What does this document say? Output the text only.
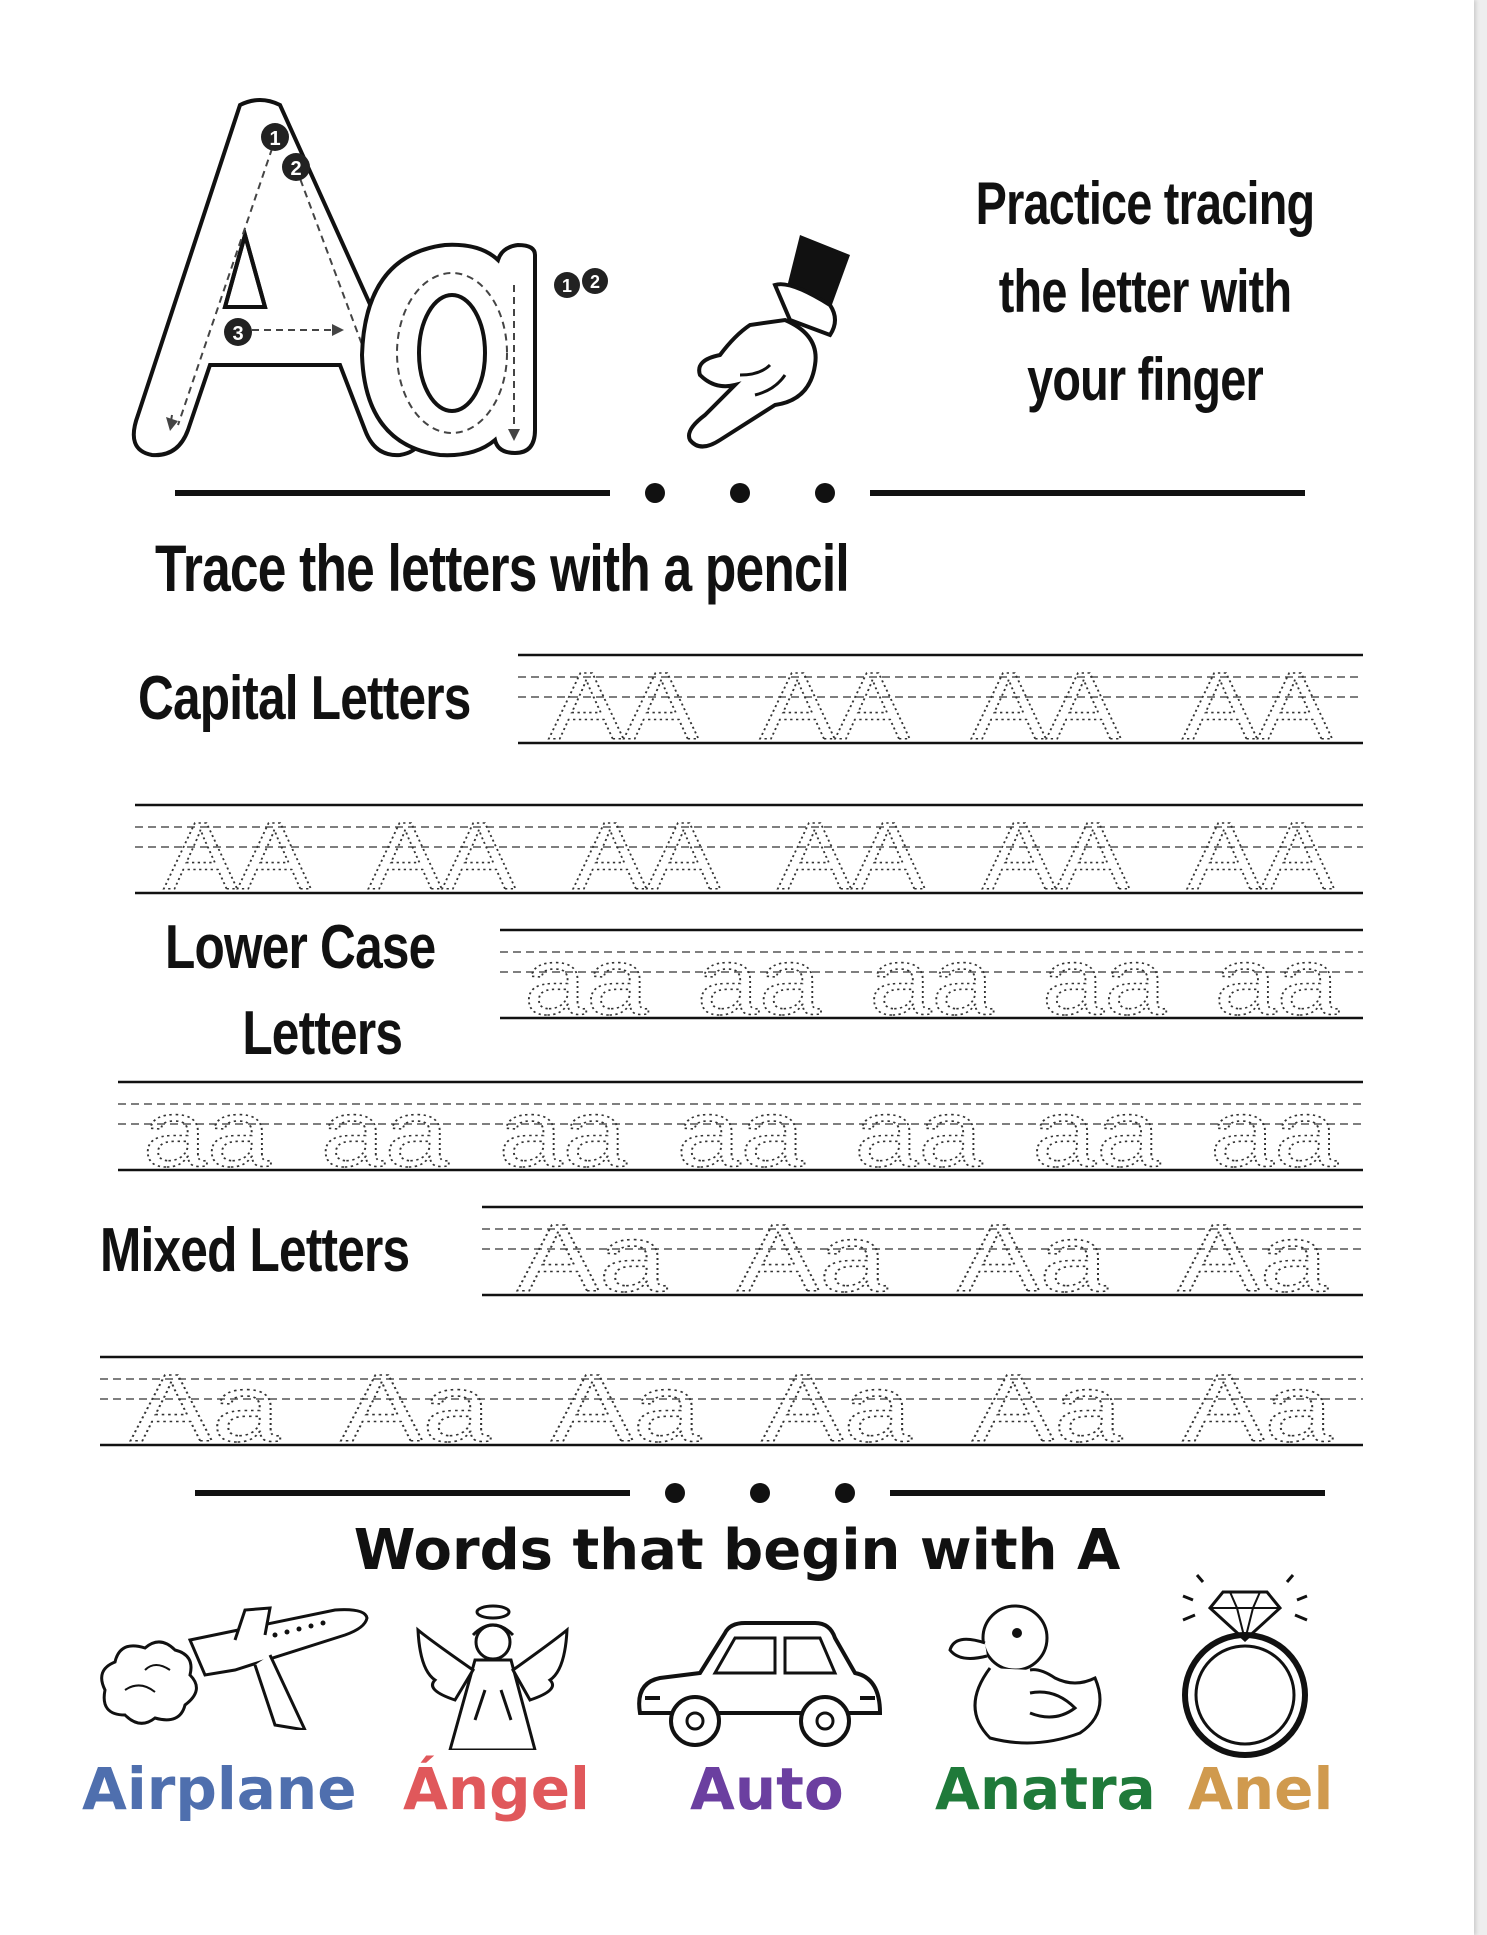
1
2
3
1 2
Practice tracing
the letter with
your finger
Trace the letters with a pencil
Capital Letters
Lower Case
Letters
Mixed Letters
AA AA AA AA
AA AA AA AA AA AA
aa aa aa aa aa
aa aa aa aa aa aa aa
Aa Aa Aa Aa
Aa Aa Aa Aa Aa Aa
Words that begin with A
Airplane Ángel Auto Anatra Anel
